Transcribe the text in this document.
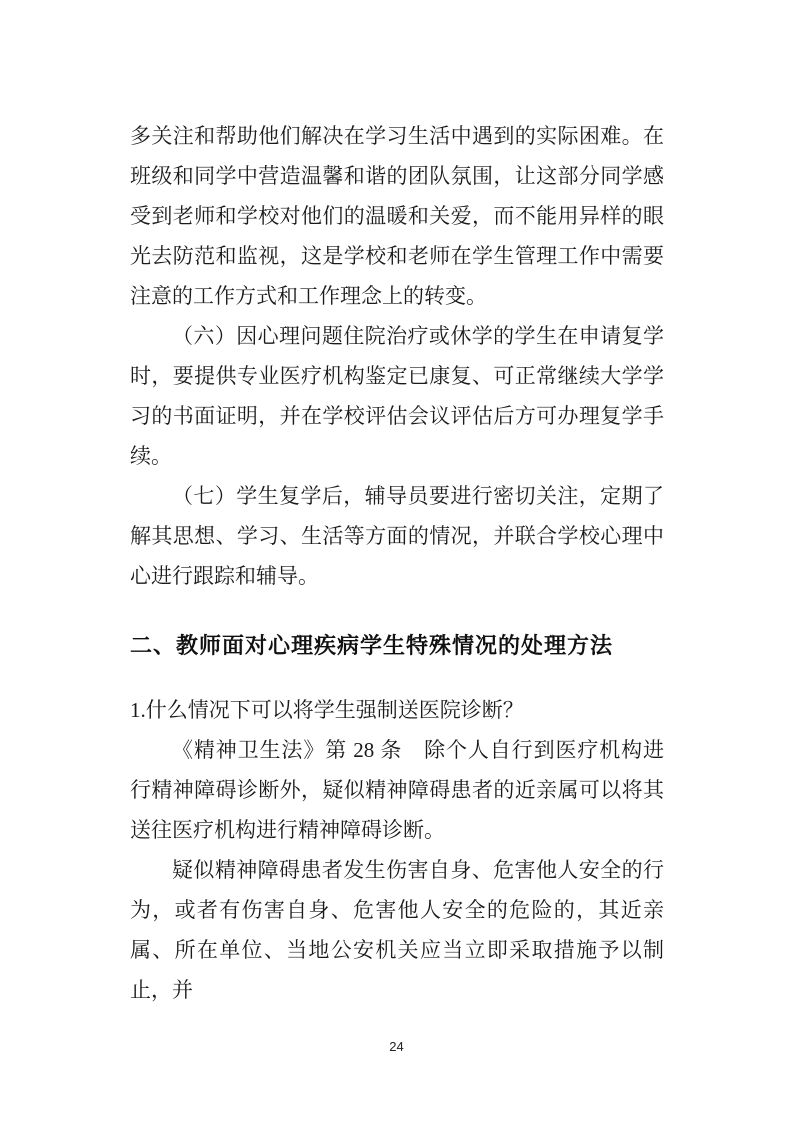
多关注和帮助他们解决在学习生活中遇到的实际困难。在班级和同学中营造温馨和谐的团队氛围，让这部分同学感受到老师和学校对他们的温暖和关爱，而不能用异样的眼光去防范和监视，这是学校和老师在学生管理工作中需要注意的工作方式和工作理念上的转变。

（六）因心理问题住院治疗或休学的学生在申请复学时，要提供专业医疗机构鉴定已康复、可正常继续大学学习的书面证明，并在学校评估会议评估后方可办理复学手续。

（七）学生复学后，辅导员要进行密切关注，定期了解其思想、学习、生活等方面的情况，并联合学校心理中心进行跟踪和辅导。

二、教师面对心理疾病学生特殊情况的处理方法

1.什么情况下可以将学生强制送医院诊断？

《精神卫生法》第 28 条　除个人自行到医疗机构进行精神障碍诊断外，疑似精神障碍患者的近亲属可以将其送往医疗机构进行精神障碍诊断。

疑似精神障碍患者发生伤害自身、危害他人安全的行为，或者有伤害自身、危害他人安全的危险的，其近亲属、所在单位、当地公安机关应当立即采取措施予以制止，并

24
